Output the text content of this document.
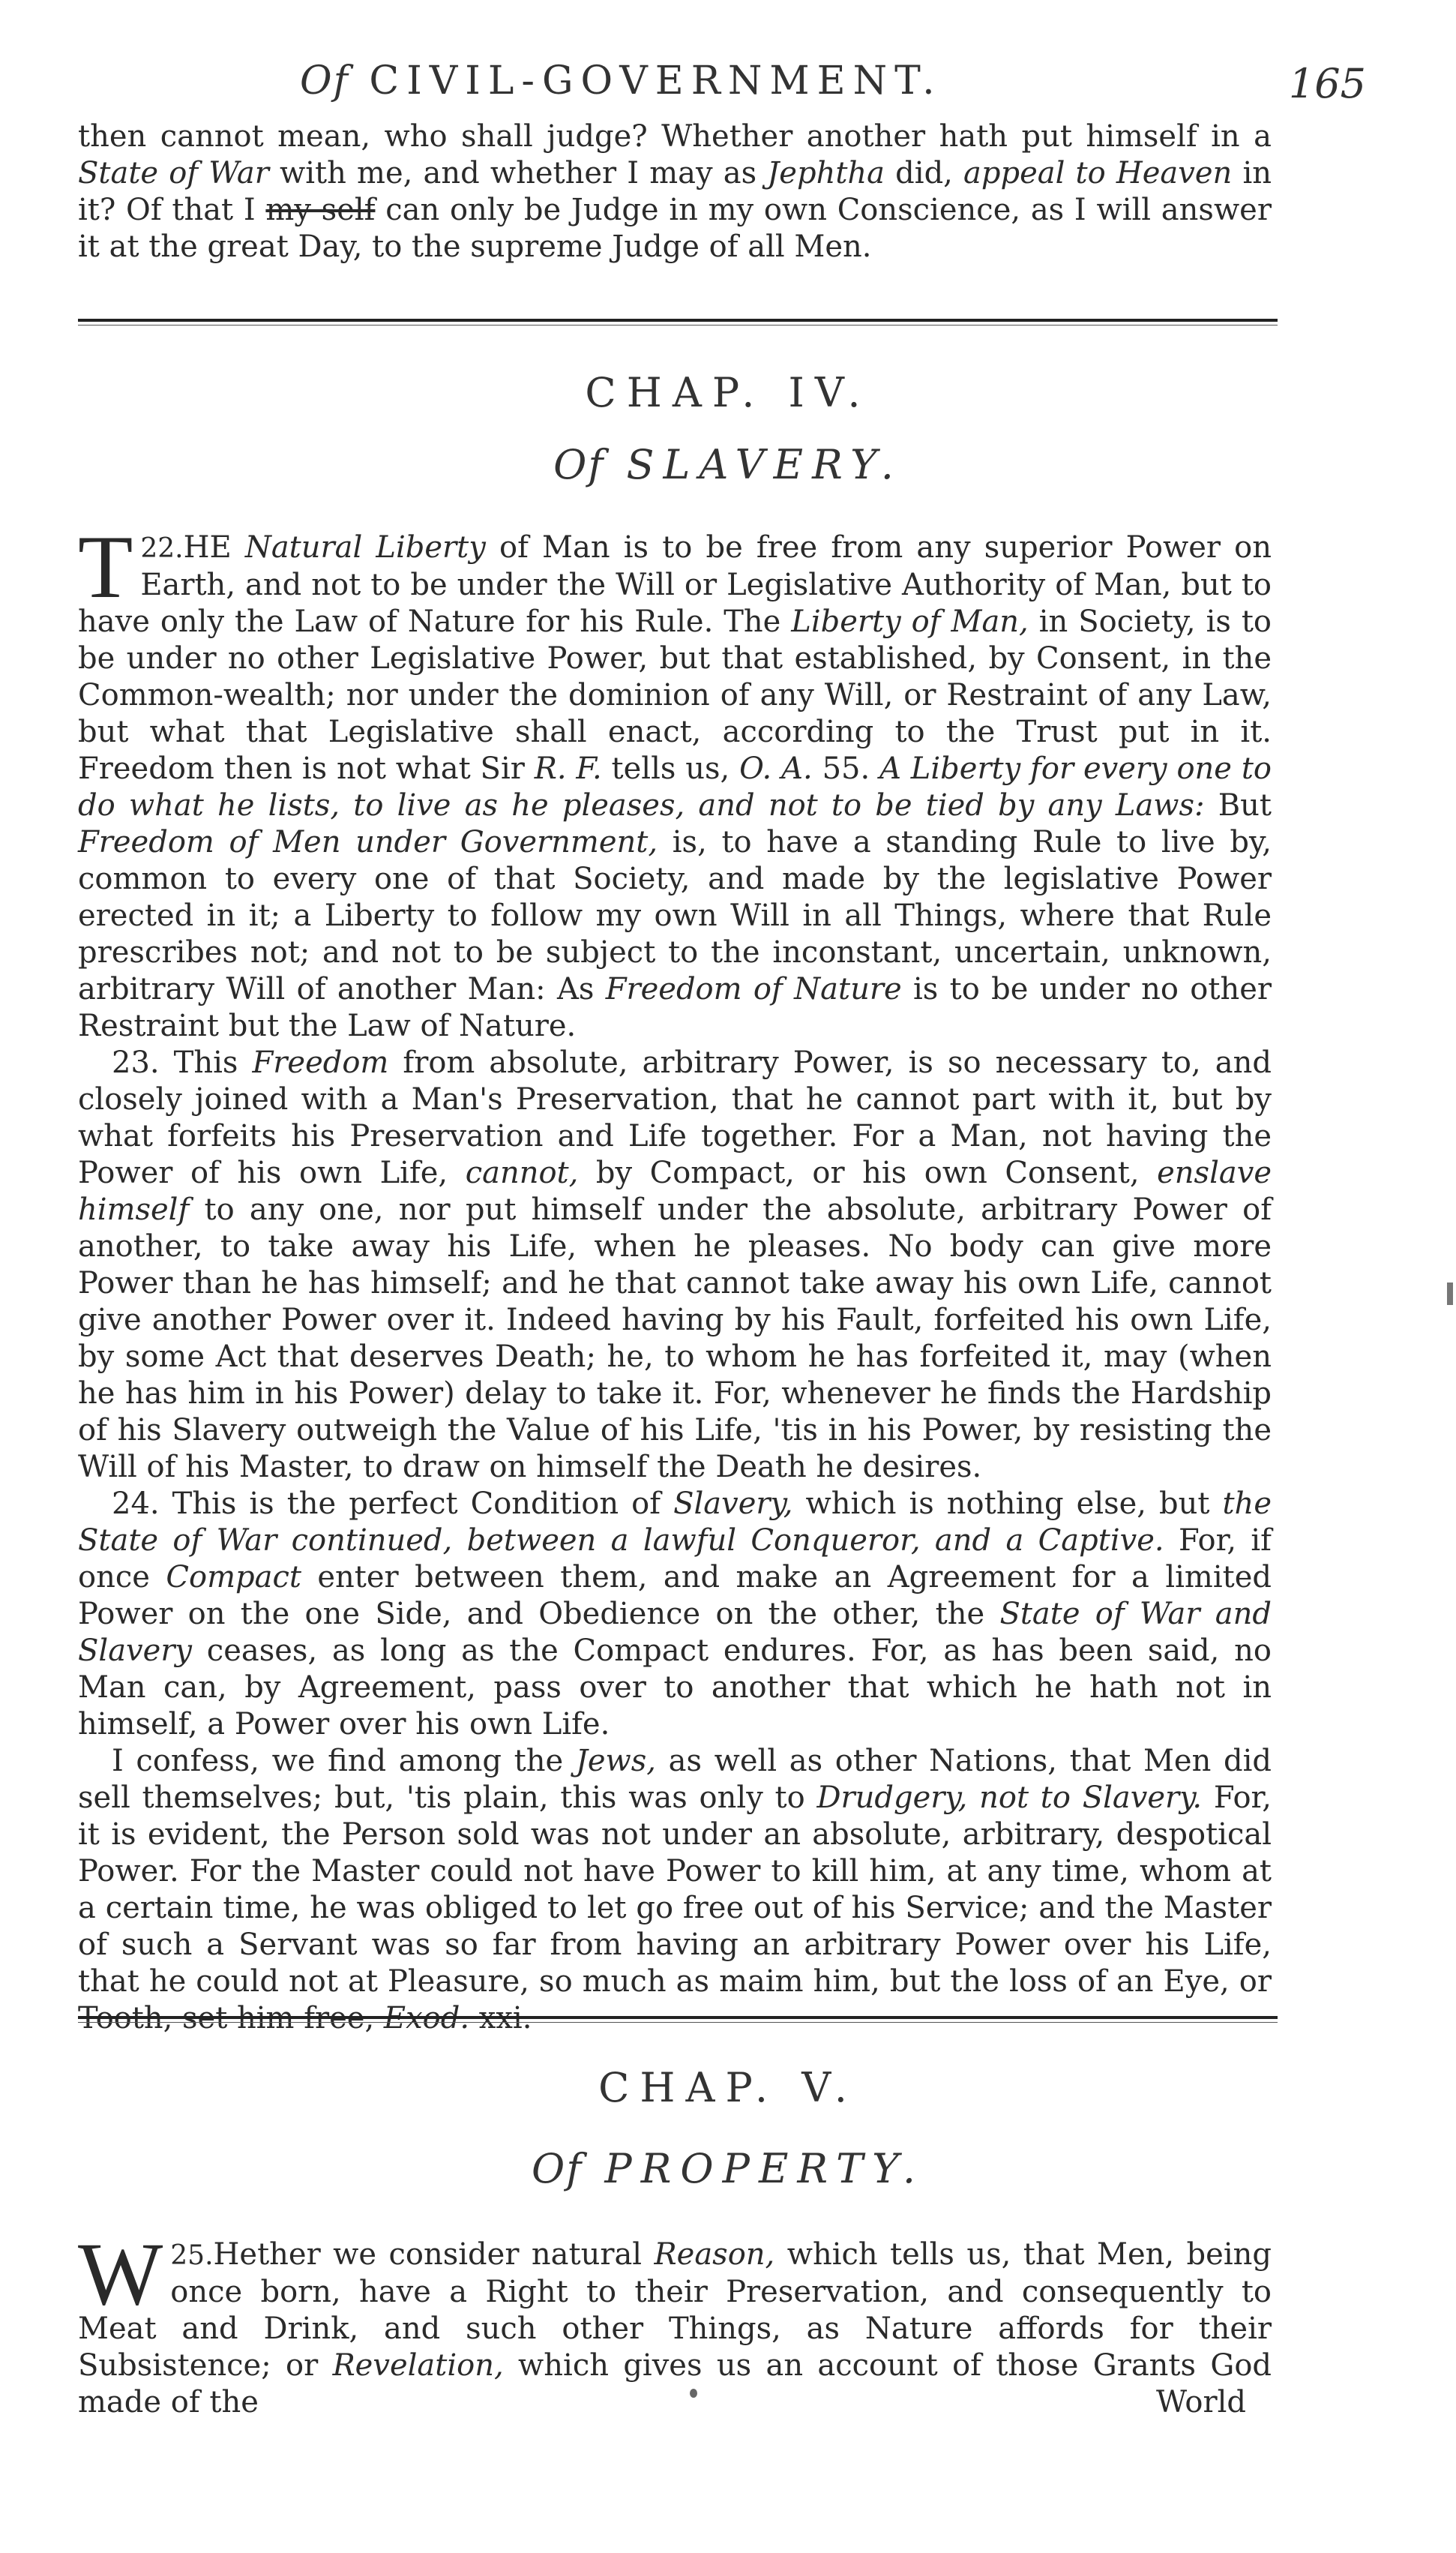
Of CIVIL-GOVERNMENT.	165

then cannot mean, who shall judge? Whether another hath put himself in a State of War with me, and whether I may as Jephtha did, appeal to Heaven in it? Of that I my self can only be Judge in my own Conscience, as I will answer it at the great Day, to the supreme Judge of all Men.

CHAP. IV.
Of SLAVERY.

22.
T HE Natural Liberty of Man is to be free from any superior Power on Earth, and not to be under the Will or Legislative Authority of Man, but to have only the Law of Nature for his Rule. The Liberty of Man, in Society, is to be under no other Legislative Power, but that established, by Consent, in the Common-wealth; nor under the dominion of any Will, or Restraint of any Law, but what that Legislative shall enact, according to the Trust put in it. Freedom then is not what Sir R. F. tells us, O. A. 55. A Liberty for every one to do what he lists, to live as he pleases, and not to be tied by any Laws: But Freedom of Men under Government, is, to have a standing Rule to live by, common to every one of that Society, and made by the legislative Power erected in it; a Liberty to follow my own Will in all Things, where that Rule prescribes not; and not to be subject to the inconstant, uncertain, unknown, arbitrary Will of another Man: As Freedom of Nature is to be under no other Restraint but the Law of Nature.

23. This Freedom from absolute, arbitrary Power, is so necessary to, and closely joined with a Man's Preservation, that he cannot part with it, but by what forfeits his Preservation and Life together. For a Man, not having the Power of his own Life, cannot, by Compact, or his own Consent, enslave himself to any one, nor put himself under the absolute, arbitrary Power of another, to take away his Life, when he pleases. No body can give more Power than he has himself; and he that cannot take away his own Life, cannot give another Power over it. Indeed having by his Fault, forfeited his own Life, by some Act that deserves Death; he, to whom he has forfeited it, may (when he has him in his Power) delay to take it. For, whenever he finds the Hardship of his Slavery outweigh the Value of his Life, 'tis in his Power, by resisting the Will of his Master, to draw on himself the Death he desires.

24. This is the perfect Condition of Slavery, which is nothing else, but the State of War continued, between a lawful Conqueror, and a Captive. For, if once Compact enter between them, and make an Agreement for a limited Power on the one Side, and Obedience on the other, the State of War and Slavery ceases, as long as the Compact endures. For, as has been said, no Man can, by Agreement, pass over to another that which he hath not in himself, a Power over his own Life.

I confess, we find among the Jews, as well as other Nations, that Men did sell themselves; but, 'tis plain, this was only to Drudgery, not to Slavery. For, it is evident, the Person sold was not under an absolute, arbitrary, despotical Power. For the Master could not have Power to kill him, at any time, whom at a certain time, he was obliged to let go free out of his Service; and the Master of such a Servant was so far from having an arbitrary Power over his Life, that he could not at Pleasure, so much as maim him, but the loss of an Eye, or Tooth, set him free, Exod. xxi.

CHAP. V.
Of PROPERTY.

25.
W Hether we consider natural Reason, which tells us, that Men, being once born, have a Right to their Preservation, and consequently to Meat and Drink, and such other Things, as Nature affords for their Subsistence; or Revelation, which gives us an account of those Grants God made of the	World
